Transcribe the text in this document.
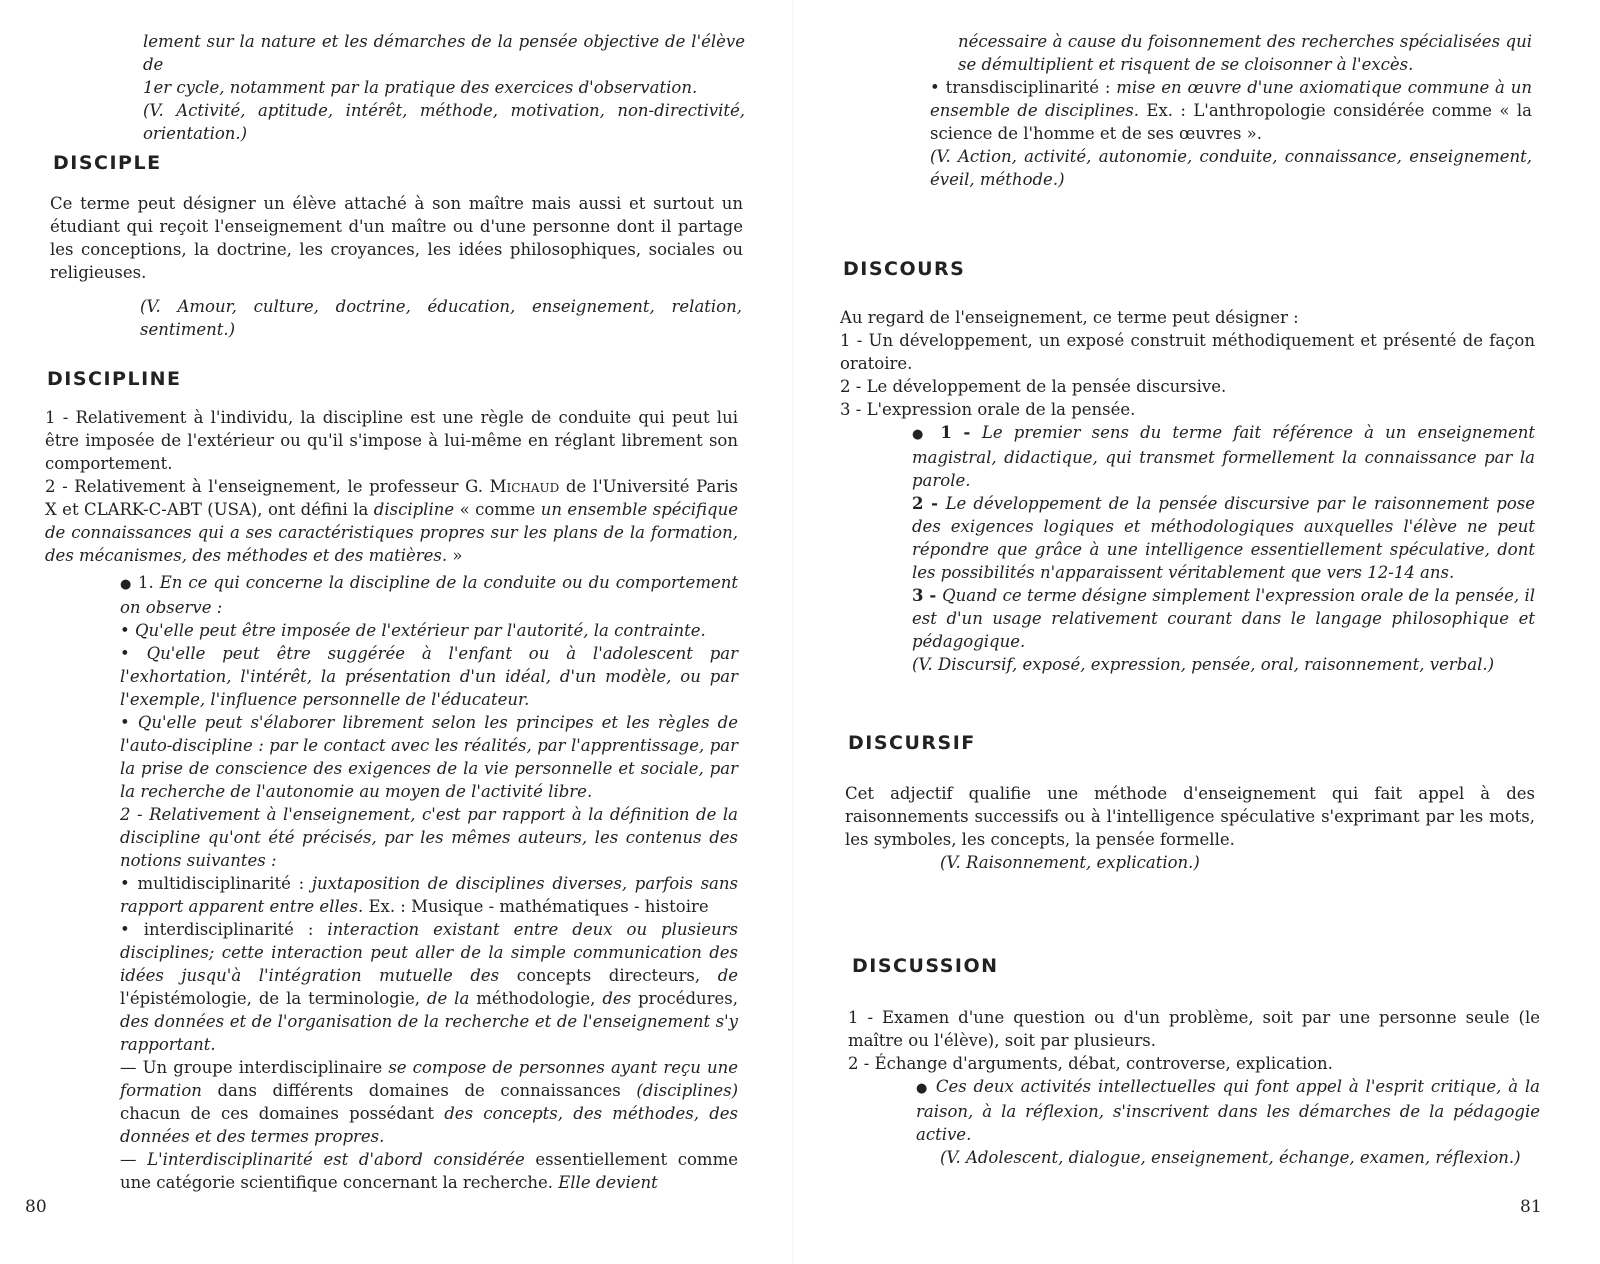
lement sur la nature et les démarches de la pensée objective de l'élève de

1er cycle, notamment par la pratique des exercices d'observation.

(V. Activité, aptitude, intérêt, méthode, motivation, non-directivité, orientation.)

DISCIPLE

Ce terme peut désigner un élève attaché à son maître mais aussi et surtout un étudiant qui reçoit l'enseignement d'un maître ou d'une personne dont il partage les conceptions, la doctrine, les croyances, les idées philosophiques, sociales ou religieuses.

(V. Amour, culture, doctrine, éducation, enseignement, relation, sentiment.)

DISCIPLINE

1 - Relativement à l'individu, la discipline est une règle de conduite qui peut lui être imposée de l'extérieur ou qu'il s'impose à lui-même en réglant librement son comportement.

2 - Relativement à l'enseignement, le professeur G. Michaud de l'Université Paris X et CLARK-C-ABT (USA), ont défini la discipline « comme un ensemble spécifique de connaissances qui a ses caractéristiques propres sur les plans de la formation, des mécanismes, des méthodes et des matières. »

● 1. En ce qui concerne la discipline de la conduite ou du comportement on observe :

• Qu'elle peut être imposée de l'extérieur par l'autorité, la contrainte.

• Qu'elle peut être suggérée à l'enfant ou à l'adolescent par l'exhortation, l'intérêt, la présentation d'un idéal, d'un modèle, ou par l'exemple, l'influence personnelle de l'éducateur.

• Qu'elle peut s'élaborer librement selon les principes et les règles de l'auto-discipline : par le contact avec les réalités, par l'apprentissage, par la prise de conscience des exigences de la vie personnelle et sociale, par la recherche de l'autonomie au moyen de l'activité libre.

2 - Relativement à l'enseignement, c'est par rapport à la définition de la discipline qu'ont été précisés, par les mêmes auteurs, les contenus des notions suivantes :

• multidisciplinarité : juxtaposition de disciplines diverses, parfois sans rapport apparent entre elles. Ex. : Musique - mathématiques - histoire

• interdisciplinarité : interaction existant entre deux ou plusieurs disciplines; cette interaction peut aller de la simple communication des idées jusqu'à l'intégration mutuelle des concepts directeurs, de l'épistémologie, de la terminologie, de la méthodologie, des procédures, des données et de l'organisation de la recherche et de l'enseignement s'y rapportant.

— Un groupe interdisciplinaire se compose de personnes ayant reçu une formation dans différents domaines de connaissances (disciplines) chacun de ces domaines possédant des concepts, des méthodes, des données et des termes propres.

— L'interdisciplinarité est d'abord considérée essentiellement comme une catégorie scientifique concernant la recherche. Elle devient

80

nécessaire à cause du foisonnement des recherches spécialisées qui se démultiplient et risquent de se cloisonner à l'excès.

• transdisciplinarité : mise en œuvre d'une axiomatique commune à un ensemble de disciplines. Ex. : L'anthropologie considérée comme « la science de l'homme et de ses œuvres ».

(V. Action, activité, autonomie, conduite, connaissance, enseignement, éveil, méthode.)

DISCOURS

Au regard de l'enseignement, ce terme peut désigner :

1 - Un développement, un exposé construit méthodiquement et présenté de façon oratoire.

2 - Le développement de la pensée discursive.

3 - L'expression orale de la pensée.

● 1 - Le premier sens du terme fait référence à un enseignement magistral, didactique, qui transmet formellement la connaissance par la parole.

2 - Le développement de la pensée discursive par le raisonnement pose des exigences logiques et méthodologiques auxquelles l'élève ne peut répondre que grâce à une intelligence essentiellement spéculative, dont les possibilités n'apparaissent véritablement que vers 12-14 ans.

3 - Quand ce terme désigne simplement l'expression orale de la pensée, il est d'un usage relativement courant dans le langage philosophique et pédagogique.

(V. Discursif, exposé, expression, pensée, oral, raisonnement, verbal.)

DISCURSIF

Cet adjectif qualifie une méthode d'enseignement qui fait appel à des raisonnements successifs ou à l'intelligence spéculative s'exprimant par les mots, les symboles, les concepts, la pensée formelle.

(V. Raisonnement, explication.)

DISCUSSION

1 - Examen d'une question ou d'un problème, soit par une personne seule (le maître ou l'élève), soit par plusieurs.

2 - Échange d'arguments, débat, controverse, explication.

● Ces deux activités intellectuelles qui font appel à l'esprit critique, à la raison, à la réflexion, s'inscrivent dans les démarches de la pédagogie active.

(V. Adolescent, dialogue, enseignement, échange, examen, réflexion.)

81
